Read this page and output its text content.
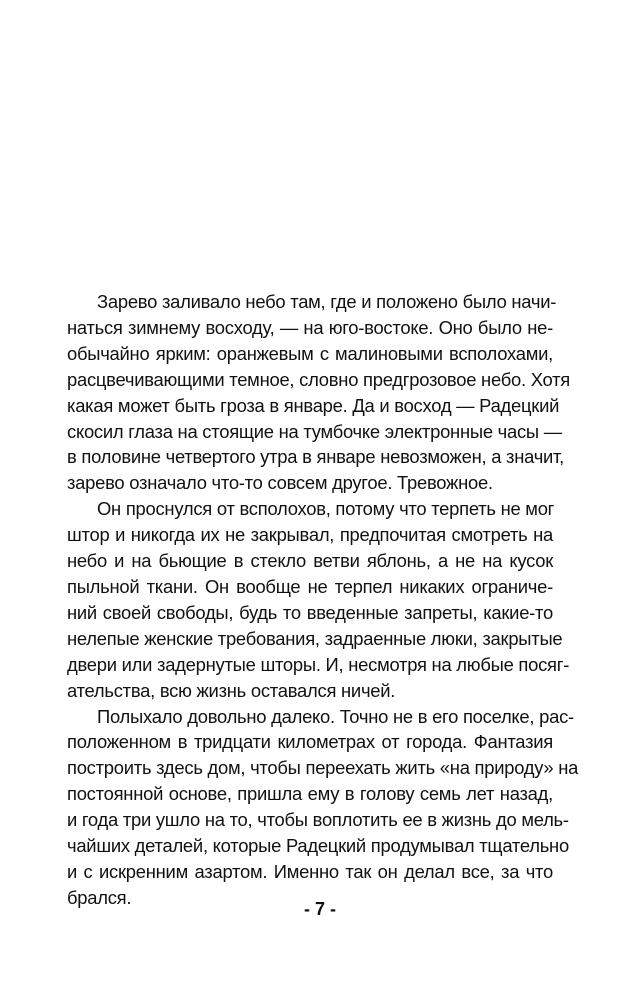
Зарево заливало небо там, где и положено было начи-
наться зимнему восходу, — на юго-востоке. Оно было не-
обычайно ярким: оранжевым с малиновыми всполохами,
расцвечивающими темное, словно предгрозовое небо. Хотя
какая может быть гроза в январе. Да и восход — Радецкий
скосил глаза на стоящие на тумбочке электронные часы —
в половине четвертого утра в январе невозможен, а значит,
зарево означало что-то совсем другое. Тревожное.

Он проснулся от всполохов, потому что терпеть не мог
штор и никогда их не закрывал, предпочитая смотреть на
небо и на бьющие в стекло ветви яблонь, а не на кусок
пыльной ткани. Он вообще не терпел никаких ограниче-
ний своей свободы, будь то введенные запреты, какие-то
нелепые женские требования, задраенные люки, закрытые
двери или задернутые шторы. И, несмотря на любые посяг-
ательства, всю жизнь оставался ничей.

Полыхало довольно далеко. Точно не в его поселке, рас-
положенном в тридцати километрах от города. Фантазия
построить здесь дом, чтобы переехать жить «на природу» на
постоянной основе, пришла ему в голову семь лет назад,
и года три ушло на то, чтобы воплотить ее в жизнь до мель-
чайших деталей, которые Радецкий продумывал тщательно
и с искренним азартом. Именно так он делал все, за что
брался.

- 7 -
